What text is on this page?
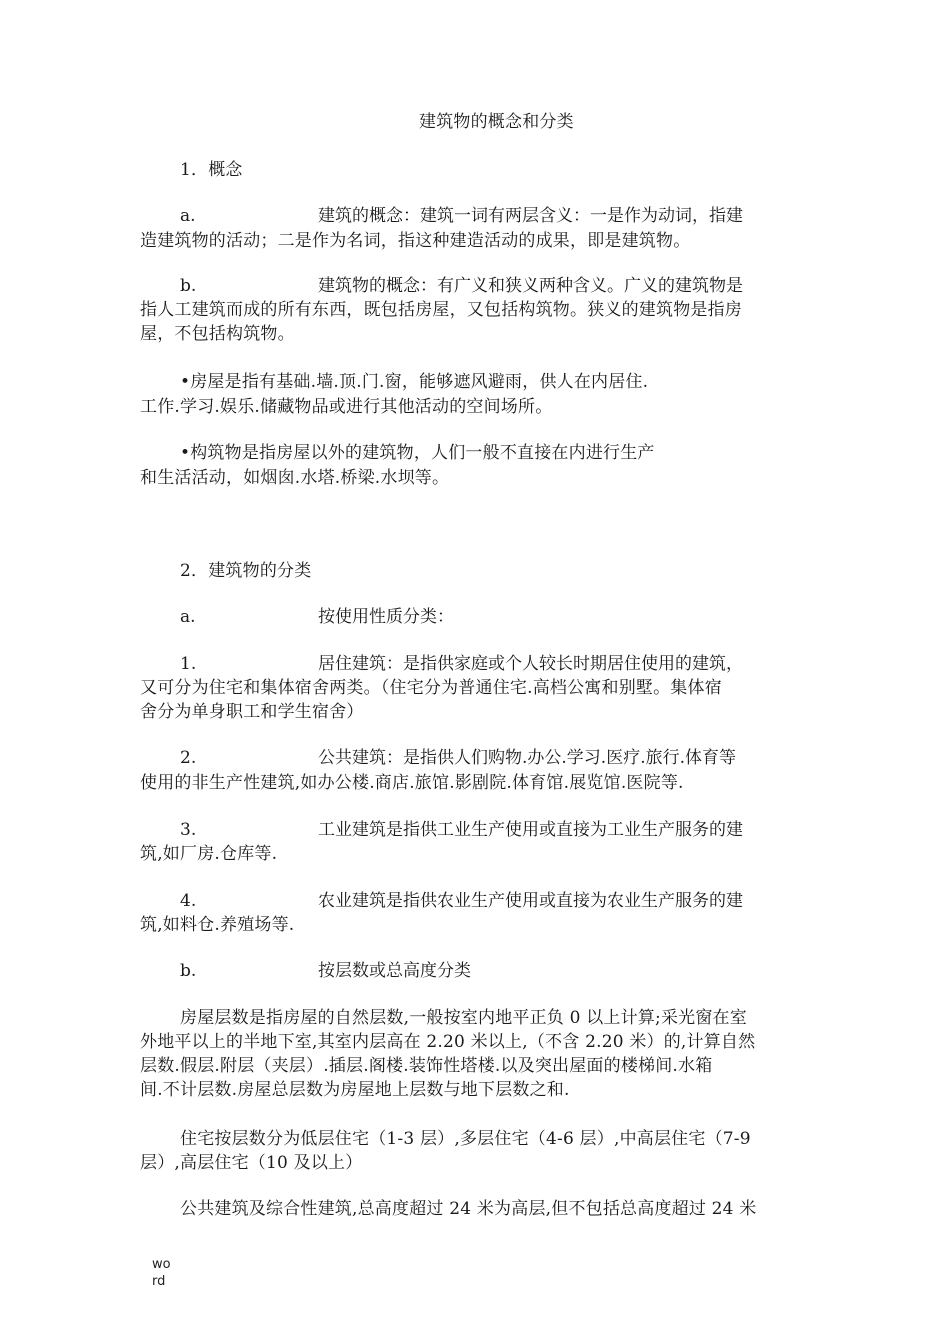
建筑物的概念和分类
1．概念
a.	建筑的概念：建筑一词有两层含义：一是作为动词，指建
造建筑物的活动；二是作为名词，指这种建造活动的成果，即是建筑物。
b.	建筑物的概念：有广义和狭义两种含义。广义的建筑物是
指人工建筑而成的所有东西，既包括房屋，又包括构筑物。狭义的建筑物是指房
屋，不包括构筑物。
•房屋是指有基础.墙.顶.门.窗，能够遮风避雨，供人在内居住.
工作.学习.娱乐.储藏物品或进行其他活动的空间场所。
•构筑物是指房屋以外的建筑物，人们一般不直接在内进行生产
和生活活动，如烟囱.水塔.桥梁.水坝等。
2．建筑物的分类
a.	按使用性质分类：
1.	居住建筑：是指供家庭或个人较长时期居住使用的建筑，
又可分为住宅和集体宿舍两类。（住宅分为普通住宅.高档公寓和别墅。集体宿
舍分为单身职工和学生宿舍）
2.	公共建筑：是指供人们购物.办公.学习.医疗.旅行.体育等
使用的非生产性建筑,如办公楼.商店.旅馆.影剧院.体育馆.展览馆.医院等.
3.	工业建筑是指供工业生产使用或直接为工业生产服务的建
筑,如厂房.仓库等.
4.	农业建筑是指供农业生产使用或直接为农业生产服务的建
筑,如料仓.养殖场等.
b.	按层数或总高度分类
房屋层数是指房屋的自然层数,一般按室内地平正负 0 以上计算;采光窗在室
外地平以上的半地下室,其室内层高在 2.20 米以上,（不含 2.20 米）的,计算自然
层数.假层.附层（夹层）.插层.阁楼.装饰性塔楼.以及突出屋面的楼梯间.水箱
间.不计层数.房屋总层数为房屋地上层数与地下层数之和.
住宅按层数分为低层住宅（1-3 层）,多层住宅（4-6 层）,中高层住宅（7-9
层）,高层住宅（10 及以上）
公共建筑及综合性建筑,总高度超过 24 米为高层,但不包括总高度超过 24 米
wo
rd
